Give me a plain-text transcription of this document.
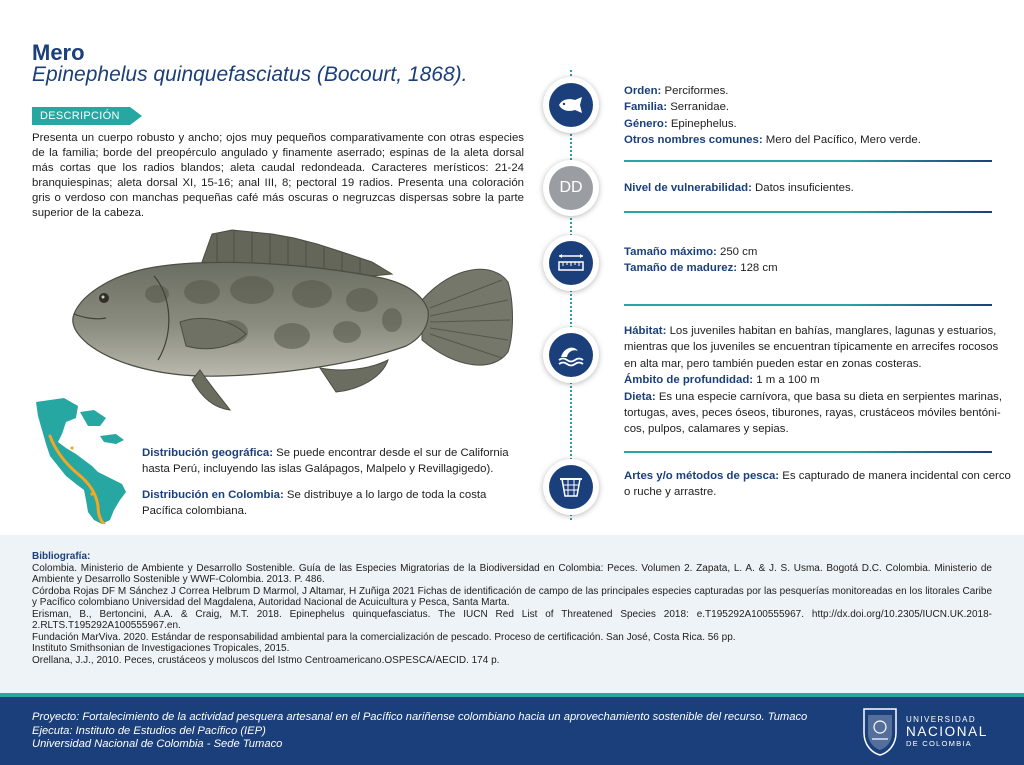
Mero
Epinephelus quinquefasciatus (Bocourt, 1868).
DESCRIPCIÓN

Presenta un cuerpo robusto y ancho; ojos muy pequeños comparativamente con otras especies de la familia; borde del preopérculo angulado y finamente aserrado; espinas de la aleta dorsal más cortas que los radios blandos; aleta caudal redondeada. Caracteres merísticos: 21-24 branquiespinas; aleta dorsal XI, 15-16; anal III, 8; pectoral 19 radios. Presenta una coloración gris o verdoso con manchas pequeñas café más oscuras o negruzcas dispersas sobre la parte superior de la cabeza.

Distribución geográfica: Se puede encontrar desde el sur de California hasta Perú, incluyendo las islas Galápagos, Malpelo y Revillagigedo).

Distribución en Colombia: Se distribuye a lo largo de toda la costa Pacífica colombiana.

DD
Orden: Perciformes.
Familia: Serranidae.
Género: Epinephelus.
Otros nombres comunes: Mero del Pacífico, Mero verde.
Nivel de vulnerabilidad: Datos insuficientes.
Tamaño máximo: 250 cm
Tamaño de madurez: 128 cm
Hábitat: Los juveniles habitan en bahías, manglares, lagunas y estuarios,
mientras que los juveniles se encuentran típicamente en arrecifes rocosos
en alta mar, pero también pueden estar en zonas costeras.
Ámbito de profundidad: 1 m a 100 m
Dieta: Es una especie carnívora, que basa su dieta en serpientes marinas,
tortugas, aves, peces óseos, tiburones, rayas, crustáceos móviles bentóni-
cos, pulpos, calamares y sepias.
Artes y/o métodos de pesca: Es capturado de manera incidental con cerco
o ruche y arrastre.
Bibliografía:
Colombia. Ministerio de Ambiente y Desarrollo Sostenible. Guía de las Especies Migratorias de la Biodiversidad en Colombia: Peces. Volumen 2. Zapata, L. A. & J. S. Usma. Bogotá D.C. Colombia. Ministerio de Ambiente y Desarrollo Sostenible y WWF-Colombia. 2013. P. 486.
Córdoba Rojas DF M Sánchez J Correa Helbrum D Marmol, J Altamar, H Zuñiga 2021 Fichas de identificación de campo de las principales especies capturadas por las pesquerías monitoreadas en los litorales Caribe y Pacífico colombiano Universidad del Magdalena, Autoridad Nacional de Acuicultura y Pesca, Santa Marta.
Erisman, B., Bertoncini, A.A. & Craig, M.T. 2018. Epinephelus quinquefasciatus. The IUCN Red List of Threatened Species 2018: e.T195292A100555967. http://dx.doi.org/10.2305/IUCN.UK.2018-2.RLTS.T195292A100555967.en.
Fundación MarViva. 2020. Estándar de responsabilidad ambiental para la comercialización de pescado. Proceso de certificación. San José, Costa Rica. 56 pp.
Instituto Smithsonian de Investigaciones Tropicales, 2015.
Orellana, J.J., 2010. Peces, crustáceos y moluscos del Istmo Centroamericano.OSPESCA/AECID. 174 p.
Proyecto: Fortalecimiento de la actividad pesquera artesanal en el Pacífico nariñense colombiano hacia un aprovechamiento sostenible del recurso. Tumaco
Ejecuta: Instituto de Estudios del Pacífico (IEP)
Universidad Nacional de Colombia - Sede Tumaco
UNIVERSIDAD
NACIONAL
DE COLOMBIA
